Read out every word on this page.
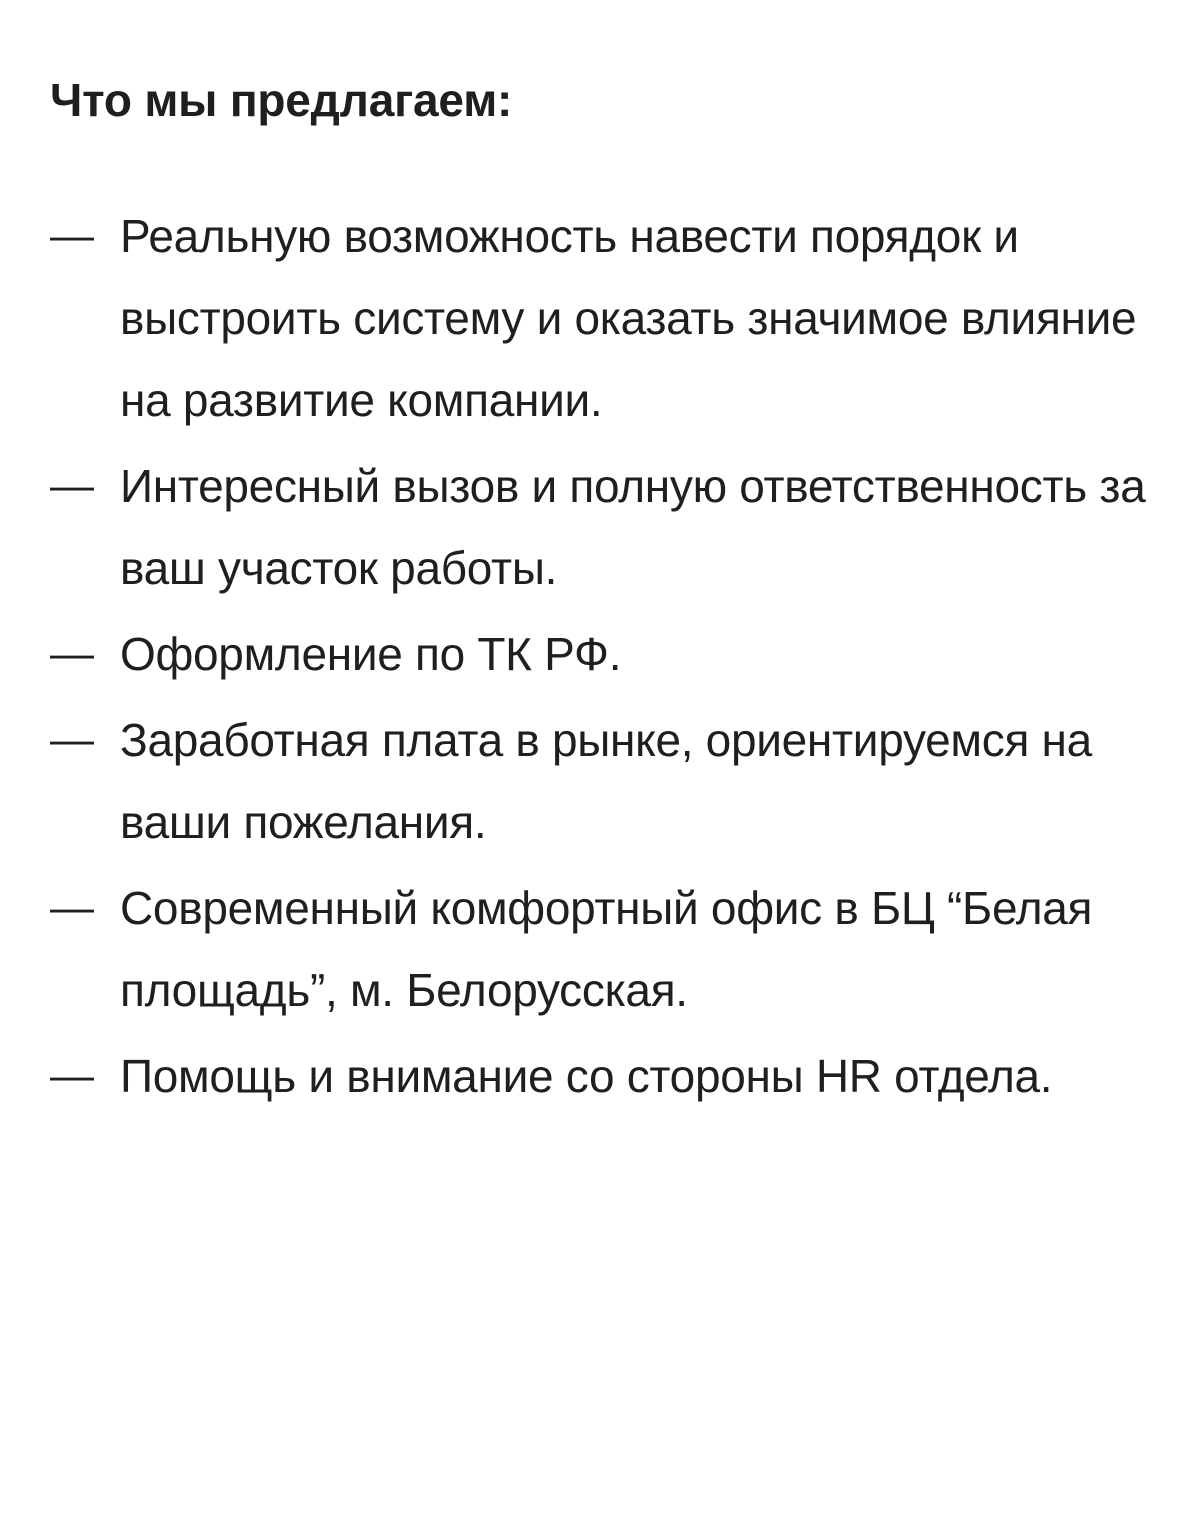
Что мы предлагаем:
— Реальную возможность навести порядок и выстроить систему и оказать значимое влияние на развитие компании.
— Интересный вызов и полную ответственность за ваш участок работы.
— Оформление по ТК РФ.
— Заработная плата в рынке, ориентируемся на ваши пожелания.
— Современный комфортный офис в БЦ “Белая площадь”, м. Белорусская.
— Помощь и внимание со стороны HR отдела.
